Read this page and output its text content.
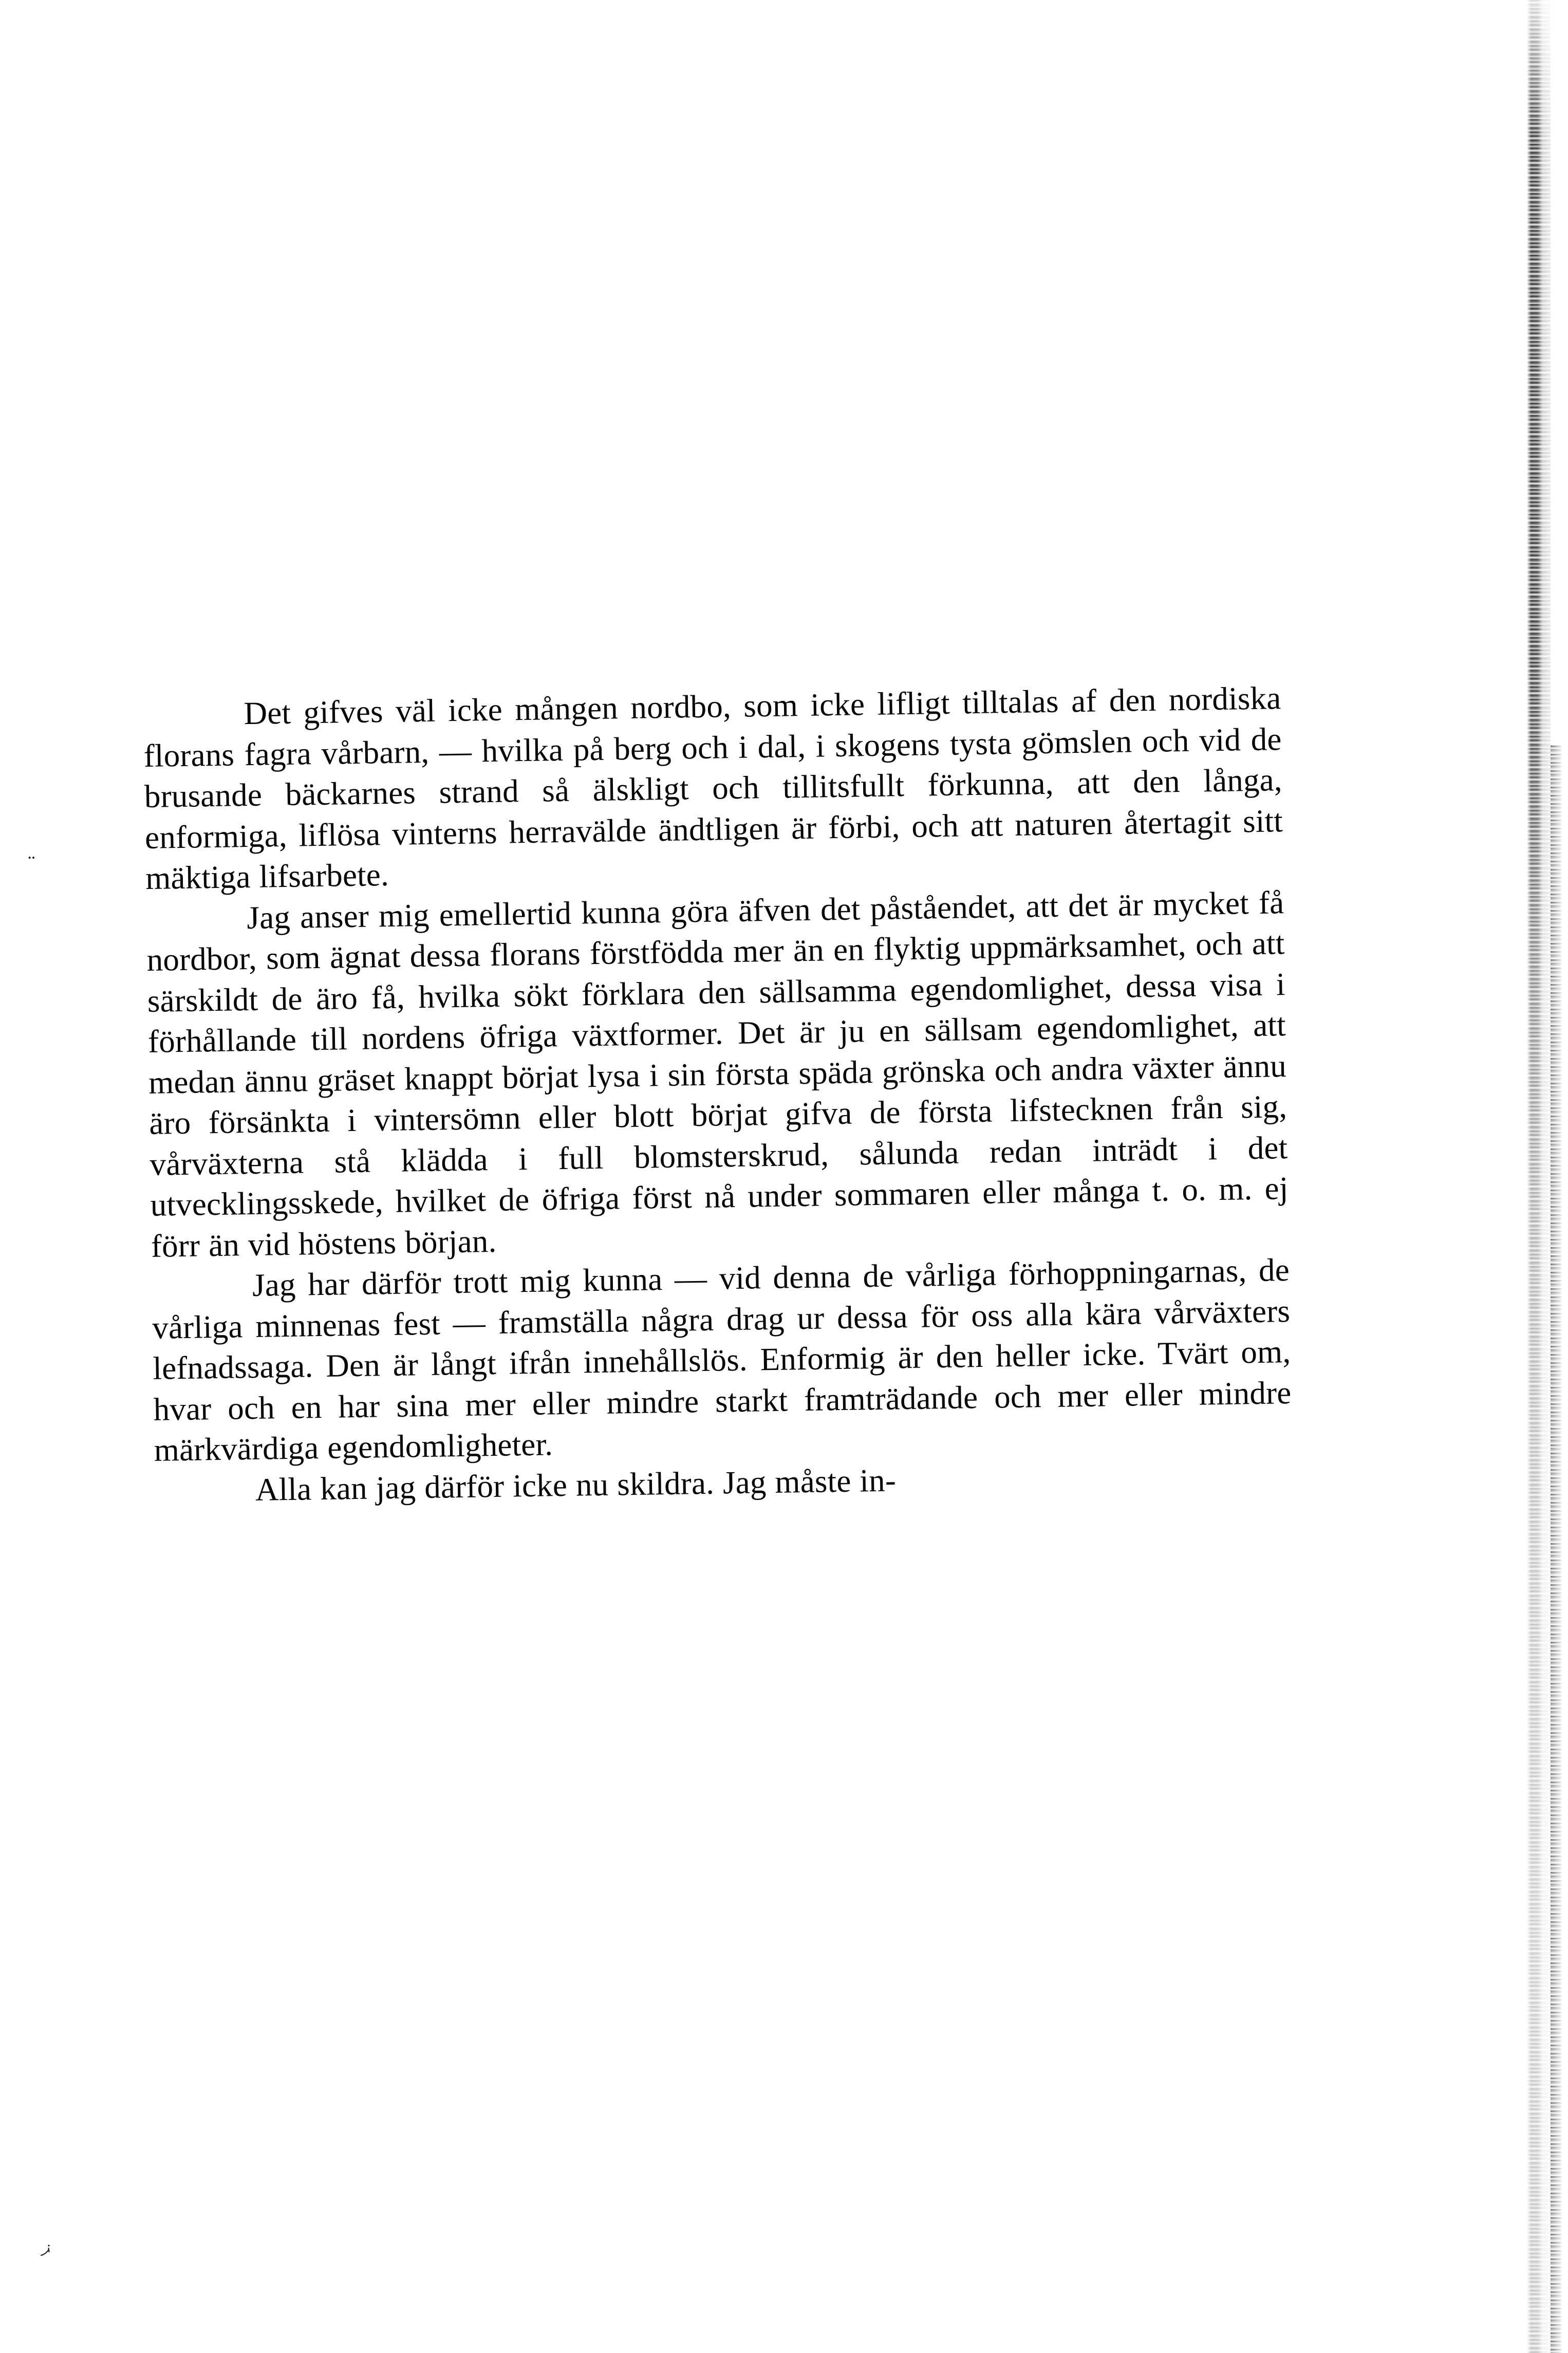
Det gifves väl icke mången nordbo, som icke lifligt tilltalas af den nordiska florans fagra vårbarn, — hvilka på berg och i dal, i skogens tysta gömslen och vid de brusande bäckarnes strand så älskligt och tillitsfullt förkunna, att den långa, enformiga, liflösa vinterns herravälde ändtligen är förbi, och att naturen återtagit sitt mäktiga lifsarbete.

Jag anser mig emellertid kunna göra äfven det påståendet, att det är mycket få nordbor, som ägnat dessa florans förstfödda mer än en flyktig uppmärksamhet, och att särskildt de äro få, hvilka sökt förklara den sällsamma egendomlighet, dessa visa i förhållande till nordens öfriga växtformer. Det är ju en sällsam egendomlighet, att medan ännu gräset knappt börjat lysa i sin första späda grönska och andra växter ännu äro försänkta i vintersömn eller blott börjat gifva de första lifstecknen från sig, vårväxterna stå klädda i full blomsterskrud, sålunda redan inträdt i det utvecklingsskede, hvilket de öfriga först nå under sommaren eller många t. o. m. ej förr än vid höstens början.

Jag har därför trott mig kunna — vid denna de vårliga förhoppningarnas, de vårliga minnenas fest — framställa några drag ur dessa för oss alla kära vårväxters lefnadssaga. Den är långt ifrån innehållslös. Enformig är den heller icke. Tvärt om, hvar och en har sina mer eller mindre starkt framträdande och mer eller mindre märkvärdiga egendomligheter.

Alla kan jag därför icke nu skildra. Jag måste in-

··
